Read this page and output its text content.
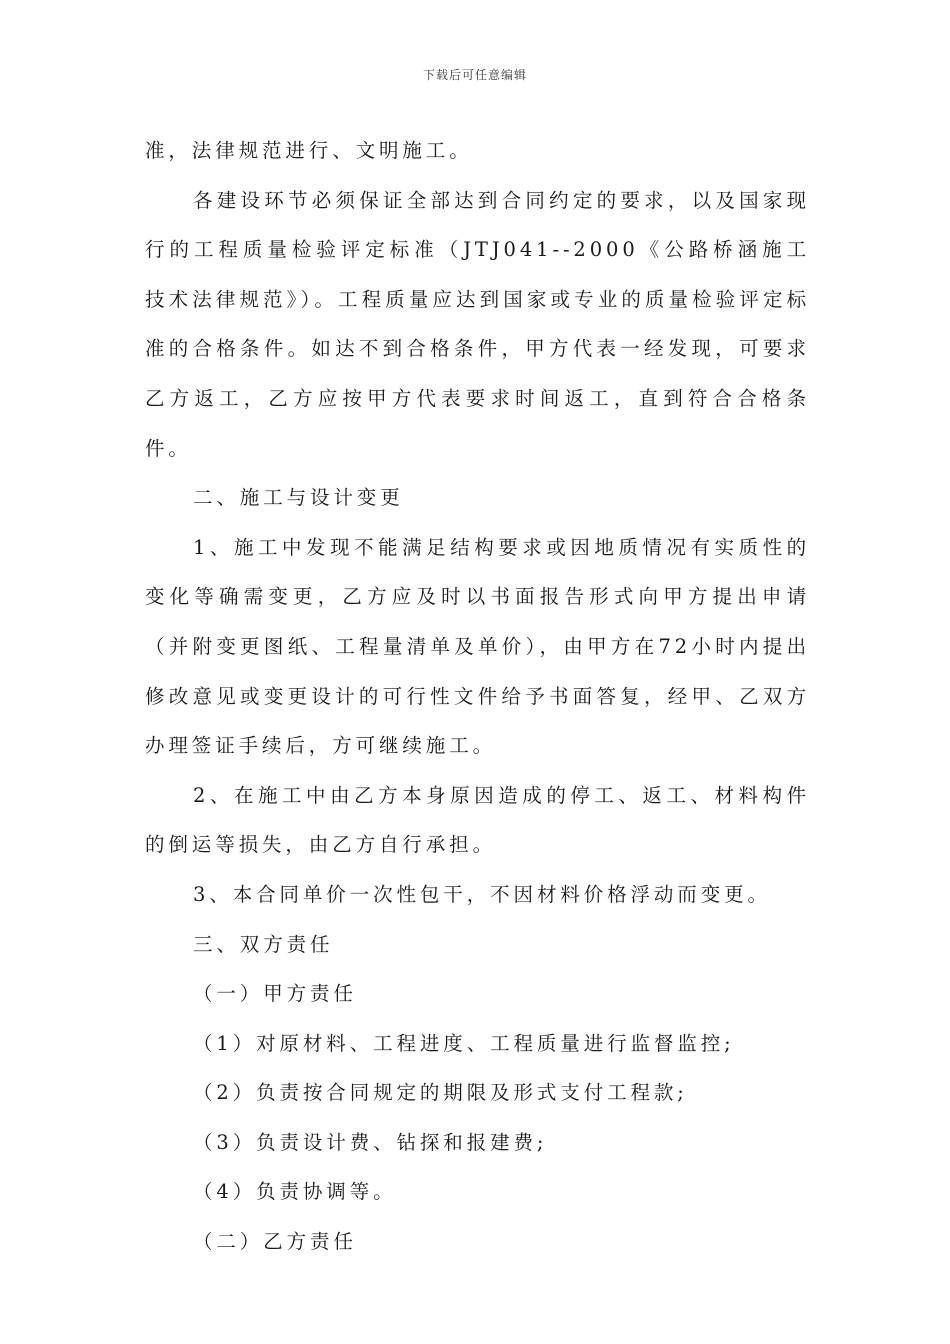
下载后可任意编辑

准，法律规范进行、文明施工。

各建设环节必须保证全部达到合同约定的要求，以及国家现行的工程质量检验评定标准（JTJ041--2000《公路桥涵施工技术法律规范》）。工程质量应达到国家或专业的质量检验评定标准的合格条件。如达不到合格条件，甲方代表一经发现，可要求乙方返工，乙方应按甲方代表要求时间返工，直到符合合格条件。

二、施工与设计变更

1、施工中发现不能满足结构要求或因地质情况有实质性的变化等确需变更，乙方应及时以书面报告形式向甲方提出申请（并附变更图纸、工程量清单及单价），由甲方在72小时内提出修改意见或变更设计的可行性文件给予书面答复，经甲、乙双方办理签证手续后，方可继续施工。

2、在施工中由乙方本身原因造成的停工、返工、材料构件的倒运等损失，由乙方自行承担。

3、本合同单价一次性包干，不因材料价格浮动而变更。

三、双方责任

（一）甲方责任

（1）对原材料、工程进度、工程质量进行监督监控;

（2）负责按合同规定的期限及形式支付工程款;

（3）负责设计费、钻探和报建费;

（4）负责协调等。

（二）乙方责任
